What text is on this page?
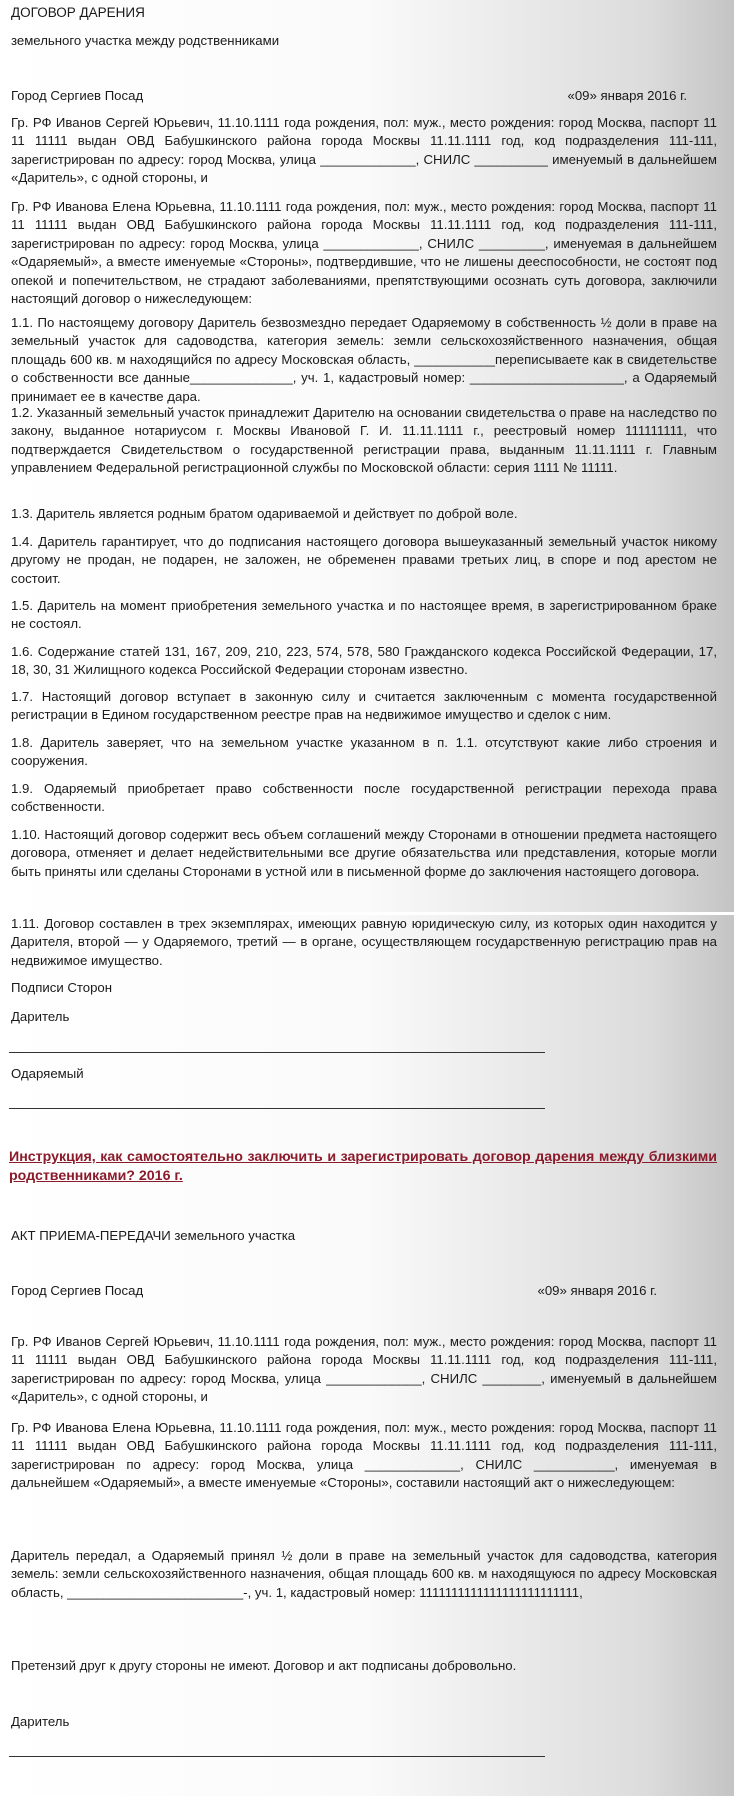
ДОГОВОР ДАРЕНИЯ

земельного участка между родственниками

Город Сергиев Посад	«09» января 2016 г.

Гр. РФ Иванов Сергей Юрьевич, 11.10.1111 года рождения, пол: муж., место рождения: город Москва, паспорт 11 11 11111 выдан ОВД Бабушкинского района города Москвы 11.11.1111 год, код подразделения 111-111, зарегистрирован по адресу: город Москва, улица _____________, СНИЛС __________ именуемый в дальнейшем «Даритель», с одной стороны, и

Гр. РФ Иванова Елена Юрьевна, 11.10.1111 года рождения, пол: муж., место рождения: город Москва, паспорт 11 11 11111 выдан ОВД Бабушкинского района города Москвы 11.11.1111 год, код подразделения 111-111, зарегистрирован по адресу: город Москва, улица _____________, СНИЛС _________, именуемая в дальнейшем «Одаряемый», а вместе именуемые «Стороны», подтвердившие, что не лишены дееспособности, не состоят под опекой и попечительством, не страдают заболеваниями, препятствующими осознать суть договора, заключили настоящий договор о нижеследующем:

1.1. По настоящему договору Даритель безвозмездно передает Одаряемому в собственность ½ доли в праве на земельный участок для садоводства, категория земель: земли сельскохозяйственного назначения, общая площадь 600 кв. м находящийся по адресу Московская область, ___________переписываете как в свидетельстве о собственности все данные______________, уч. 1, кадастровый номер: _____________________, а Одаряемый принимает ее в качестве дара.

1.2. Указанный земельный участок принадлежит Дарителю на основании свидетельства о праве на наследство по закону, выданное нотариусом г. Москвы Ивановой Г. И. 11.11.1111 г., реестровый номер 111111111, что подтверждается Свидетельством о государственной регистрации права, выданным 11.11.1111 г. Главным управлением Федеральной регистрационной службы по Московской области: серия 1111 № 11111.

1.3. Даритель является родным братом одариваемой и действует по доброй воле.

1.4. Даритель гарантирует, что до подписания настоящего договора вышеуказанный земельный участок никому другому не продан, не подарен, не заложен, не обременен правами третьих лиц, в споре и под арестом не состоит.

1.5. Даритель на момент приобретения земельного участка и по настоящее время, в зарегистрированном браке не состоял.

1.6. Содержание статей 131, 167, 209, 210, 223, 574, 578, 580 Гражданского кодекса Российской Федерации, 17, 18, 30, 31 Жилищного кодекса Российской Федерации сторонам известно.

1.7. Настоящий договор вступает в законную силу и считается заключенным с момента государственной регистрации в Едином государственном реестре прав на недвижимое имущество и сделок с ним.

1.8. Даритель заверяет, что на земельном участке указанном в п. 1.1. отсутствуют какие либо строения и сооружения.

1.9. Одаряемый приобретает право собственности после государственной регистрации перехода права собственности.

1.10. Настоящий договор содержит весь объем соглашений между Сторонами в отношении предмета настоящего договора, отменяет и делает недействительными все другие обязательства или представления, которые могли быть приняты или сделаны Сторонами в устной или в письменной форме до заключения настоящего договора.

1.11. Договор составлен в трех экземплярах, имеющих равную юридическую силу, из которых один находится у Дарителя, второй — у Одаряемого, третий — в органе, осуществляющем государственную регистрацию прав на недвижимое имущество.

Подписи Сторон

Даритель

Одаряемый

Инструкция, как самостоятельно заключить и зарегистрировать договор дарения между близкими родственниками? 2016 г.

АКТ ПРИЕМА-ПЕРЕДАЧИ земельного участка

Город Сергиев Посад	«09» января 2016 г.

Гр. РФ Иванов Сергей Юрьевич, 11.10.1111 года рождения, пол: муж., место рождения: город Москва, паспорт 11 11 11111 выдан ОВД Бабушкинского района города Москвы 11.11.1111 год, код подразделения 111-111, зарегистрирован по адресу: город Москва, улица _____________, СНИЛС ________, именуемый в дальнейшем «Даритель», с одной стороны, и

Гр. РФ Иванова Елена Юрьевна, 11.10.1111 года рождения, пол: муж., место рождения: город Москва, паспорт 11 11 11111 выдан ОВД Бабушкинского района города Москвы 11.11.1111 год, код подразделения 111-111, зарегистрирован по адресу: город Москва, улица _____________, СНИЛС ___________, именуемая в дальнейшем «Одаряемый», а вместе именуемые «Стороны», составили настоящий акт о нижеследующем:

Даритель передал, а Одаряемый принял ½ доли в праве на земельный участок для садоводства, категория земель: земли сельскохозяйственного назначения, общая площадь 600 кв. м находящуюся по адресу Московская область, ________________________-, уч. 1, кадастровый номер: 1111111111111111111111111,

Претензий друг к другу стороны не имеют. Договор и акт подписаны добровольно.

Даритель
